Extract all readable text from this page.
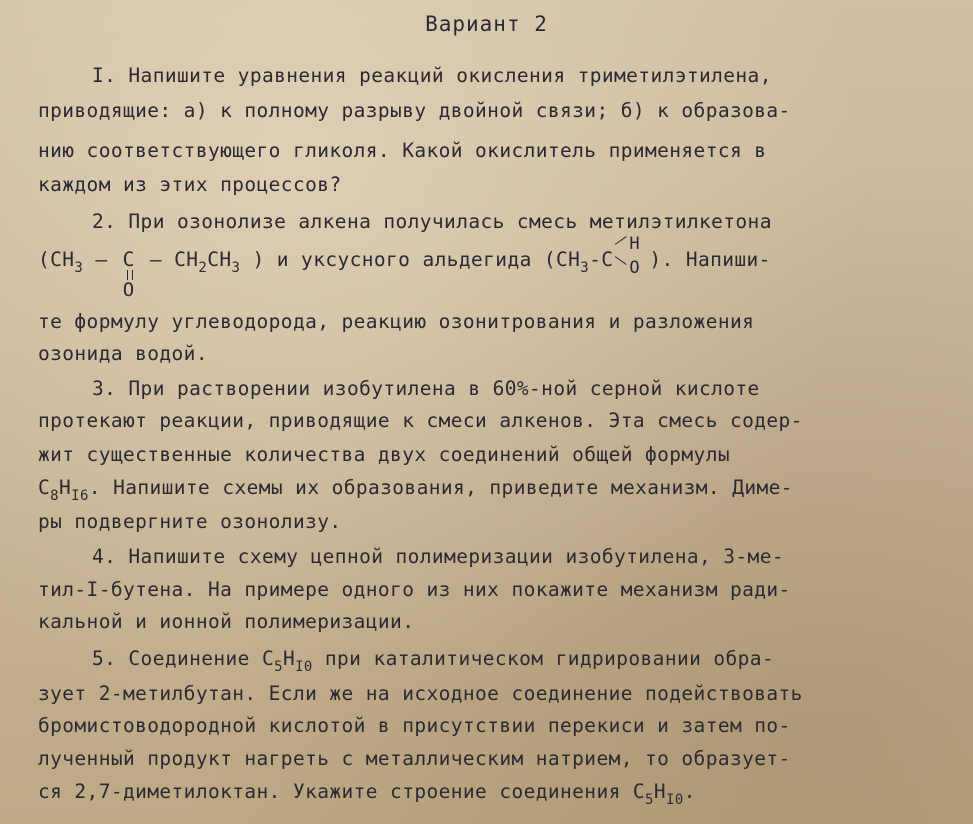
Вариант 2
I. Напишите уравнения реакций окисления триметилэтилена,
приводящие: а) к полному разрыву двойной связи; б) к образова-
нию соответствующего гликоля. Какой окислитель применяется в
каждом из этих процессов?
2. При озонолизе алкена получилась смесь метилэтилкетона
($CH_3$ – C
O
– $CH_2CH_3$ ) и уксусного альдегида ($CH_3-C$
H
O ). Напиши-
те формулу углеводорода, реакцию озонитрования и разложения
озонида водой.
3. При растворении изобутилена в 60%-ной серной кислоте
протекают реакции, приводящие к смеси алкенов. Эта смесь содер-
жит существенные количества двух соединений общей формулы
$C_8H_{I6}$. Напишите схемы их образования, приведите механизм. Диме-
ры подвергните озонолизу.
4. Напишите схему цепной полимеризации изобутилена, 3-ме-
тил-I-бутена. На примере одного из них покажите механизм ради-
кальной и ионной полимеризации.
5. Соединение $C_5H_{I0}$ при каталитическом гидрировании обра-
зует 2-метилбутан. Если же на исходное соединение подействовать
бромистоводородной кислотой в присутствии перекиси и затем по-
лученный продукт нагреть с металлическим натрием, то образует-
ся 2,7-диметилоктан. Укажите строение соединения $C_5H_{I0}$.
